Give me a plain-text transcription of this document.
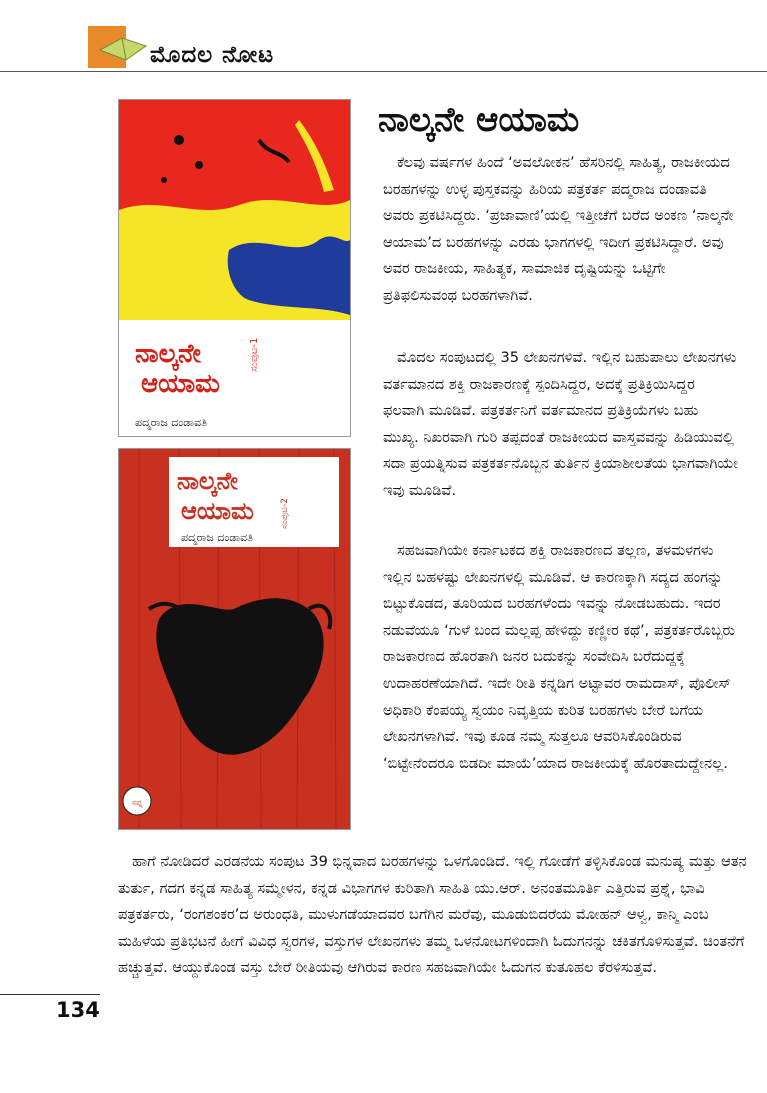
ಮೊದಲ ನೋಟ
ನಾಲ್ಕನೇ
ಆಯಾಮ
ಸಂಪುಟ-1
ಪದ್ಮರಾಜ ದಂಡಾವತಿ
ನಾಲ್ಕನೇ
ಆಯಾಮ	ಸಂಪುಟ-2
ಪದ್ಮರಾಜ ದಂಡಾವತಿ
ಸಪ್ನ
ನಾಲ್ಕನೇ ಆಯಾಮ

ಕೆಲವು ವರ್ಷಗಳ ಹಿಂದೆ ‘ಅವಲೋಕನ’ ಹೆಸರಿನಲ್ಲಿ ಸಾಹಿತ್ಯ, ರಾಜಕೀಯದ ಬರಹಗಳನ್ನು ಉಳ್ಳ ಪುಸ್ತಕವನ್ನು ಹಿರಿಯ ಪತ್ರಕರ್ತ ಪದ್ಮರಾಜ ದಂಡಾವತಿ ಅವರು ಪ್ರಕಟಿಸಿದ್ದರು. ‘ಪ್ರಜಾವಾಣಿ’ಯಲ್ಲಿ ಇತ್ತೀಚೆಗೆ ಬರೆದ ಅಂಕಣ ‘ನಾಲ್ಕನೇ ಆಯಾಮ’ದ ಬರಹಗಳನ್ನು ಎರಡು ಭಾಗಗಳಲ್ಲಿ ಇದೀಗ ಪ್ರಕಟಿಸಿದ್ದಾರೆ. ಅವು ಅವರ ರಾಜಕೀಯ, ಸಾಹಿತ್ಯಕ, ಸಾಮಾಜಿಕ ದೃಷ್ಟಿಯನ್ನು ಒಟ್ಟಿಗೇ ಪ್ರತಿಫಲಿಸುವಂಥ ಬರಹಗಳಾಗಿವೆ.

ಮೊದಲ ಸಂಪುಟದಲ್ಲಿ 35 ಲೇಖನಗಳಿವೆ. ಇಲ್ಲಿನ ಬಹುಪಾಲು ಲೇಖನಗಳು ವರ್ತಮಾನದ ಶಕ್ತಿ ರಾಜಕಾರಣಕ್ಕೆ ಸ್ಪಂದಿಸಿದ್ದರ, ಅದಕ್ಕೆ ಪ್ರತಿಕ್ರಿಯಿಸಿದ್ದರ ಫಲವಾಗಿ ಮೂಡಿವೆ. ಪತ್ರಕರ್ತನಿಗೆ ವರ್ತಮಾನದ ಪ್ರತಿಕ್ರಿಯೆಗಳು ಬಹು ಮುಖ್ಯ. ನಿಖರವಾಗಿ ಗುರಿ ತಪ್ಪದಂತೆ ರಾಜಕೀಯದ ವಾಸ್ತವವನ್ನು ಹಿಡಿಯುವಲ್ಲಿ ಸದಾ ಪ್ರಯತ್ನಿಸುವ ಪತ್ರಕರ್ತನೊಬ್ಬನ ತುರ್ತಿನ ಕ್ರಿಯಾಶೀಲತೆಯ ಭಾಗವಾಗಿಯೇ ಇವು ಮೂಡಿವೆ.

ಸಹಜವಾಗಿಯೇ ಕರ್ನಾಟಕದ ಶಕ್ತಿ ರಾಜಕಾರಣದ ತಲ್ಲಣ, ತಳಮಳಗಳು ಇಲ್ಲಿನ ಬಹಳಷ್ಟು ಲೇಖನಗಳಲ್ಲಿ ಮೂಡಿವೆ. ಆ ಕಾರಣಕ್ಕಾಗಿ ಸದ್ಯದ ಹಂಗನ್ನು ಬಿಟ್ಟುಕೊಡದ, ತೂರಿಯದ ಬರಹಗಳೆಂದು ಇವನ್ನು ನೋಡಬಹುದು. ಇದರ ನಡುವೆಯೂ ‘ಗುಳೆ ಬಂದ ಮಲ್ಲಪ್ಪ ಹೇಳಿದ್ದು ಕಣ್ಣೀರ ಕಥೆ’, ಪತ್ರಕರ್ತರೊಬ್ಬರು ರಾಜಕಾರಣದ ಹೊರತಾಗಿ ಜನರ ಬದುಕನ್ನು ಸಂವೇದಿಸಿ ಬರೆದುದ್ದಕ್ಕೆ ಉದಾಹರಣೆಯಾಗಿದೆ. ಇದೇ ರೀತಿ ಕನ್ನಡಿಗ ಅಟ್ಟಾವರ ರಾಮದಾಸ್, ಪೊಲೀಸ್ ಅಧಿಕಾರಿ ಕೆಂಪಯ್ಯ ಸ್ವಯಂ ನಿವೃತ್ತಿಯ ಕುರಿತ ಬರಹಗಳು ಬೇರೆ ಬಗೆಯ ಲೇಖನಗಳಾಗಿವೆ. ಇವು ಕೂಡ ನಮ್ಮ ಸುತ್ತಲೂ ಆವರಿಸಿಕೊಂಡಿರುವ ‘ಬಿಟ್ಟೇನೆಂದರೂ ಬಿಡದೀ ಮಾಯೆ’ಯಾದ ರಾಜಕೀಯಕ್ಕೆ ಹೊರತಾದುದ್ದೇನಲ್ಲ.

ಹಾಗೆ ನೋಡಿದರೆ ಎರಡನೆಯ ಸಂಪುಟ 39 ಭಿನ್ನವಾದ ಬರಹಗಳನ್ನು ಒಳಗೊಂಡಿದೆ. ಇಲ್ಲಿ ಗೋಡೆಗೆ ತಳ್ಳಿಸಿಕೊಂಡ ಮನುಷ್ಯ ಮತ್ತು ಆತನ ತುರ್ತು, ಗದಗ ಕನ್ನಡ ಸಾಹಿತ್ಯ ಸಮ್ಮೇಳನ, ಕನ್ನಡ ವಿಭಾಗಗಳ ಕುರಿತಾಗಿ ಸಾಹಿತಿ ಯು.ಆರ್. ಅನಂತಮೂರ್ತಿ ಎತ್ತಿರುವ ಪ್ರಶ್ನೆ, ಭಾವಿ ಪತ್ರಕರ್ತರು, ‘ರಂಗಶಂಕರ’ದ ಅರುಂಧತಿ, ಮುಳುಗಡೆಯಾದವರ ಬಗೆಗಿನ ಮರೆವು, ಮೂಡುಬಿದರೆಯ ಮೋಹನ್ ಆಳ್ವ, ಕಾನ್ಮಿ ಎಂಬ ಮಹಿಳೆಯ ಪ್ರತಿಭಟನೆ ಹೀಗೆ ವಿವಿಧ ಸ್ವರಗಳ, ವಸ್ತುಗಳ ಲೇಖನಗಳು ತಮ್ಮ ಒಳನೋಟಗಳಿಂದಾಗಿ ಓದುಗನನ್ನು ಚಕಿತಗೊಳಿಸುತ್ತವೆ. ಚಿಂತನೆಗೆ ಹಚ್ಚುತ್ತವೆ. ಆಯ್ದುಕೊಂಡ ವಸ್ತು ಬೇರೆ ರೀತಿಯವು ಆಗಿರುವ ಕಾರಣ ಸಹಜವಾಗಿಯೇ ಓದುಗನ ಕುತೂಹಲ ಕೆರಳಿಸುತ್ತವೆ.

134
